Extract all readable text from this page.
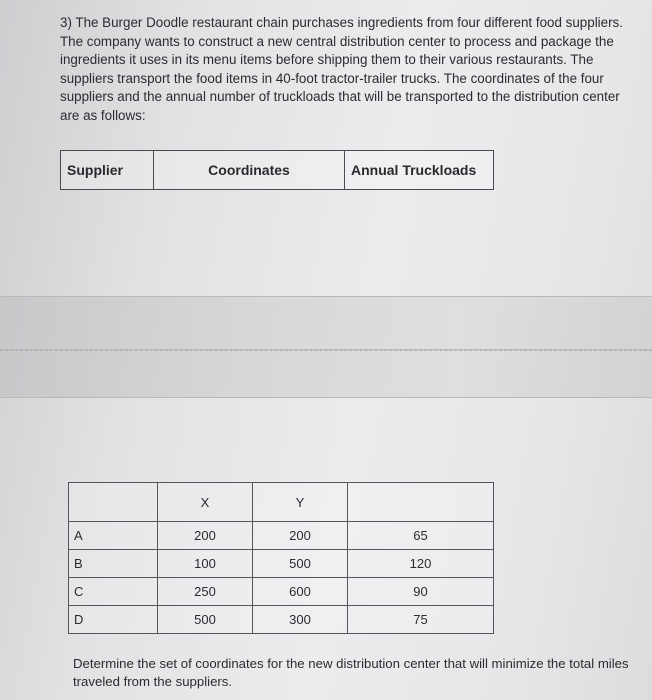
3) The Burger Doodle restaurant chain purchases ingredients from four different food suppliers. The company wants to construct a new central distribution center to process and package the ingredients it uses in its menu items before shipping them to their various restaurants. The suppliers transport the food items in 40-foot tractor-trailer trucks. The coordinates of the four suppliers and the annual number of truckloads that will be transported to the distribution center are as follows:
Supplier	Coordinates	Annual Truckloads
	X	Y	
A	200	200	65
B	100	500	120
C	250	600	90
D	500	300	75
Determine the set of coordinates for the new distribution center that will minimize the total miles traveled from the suppliers.
